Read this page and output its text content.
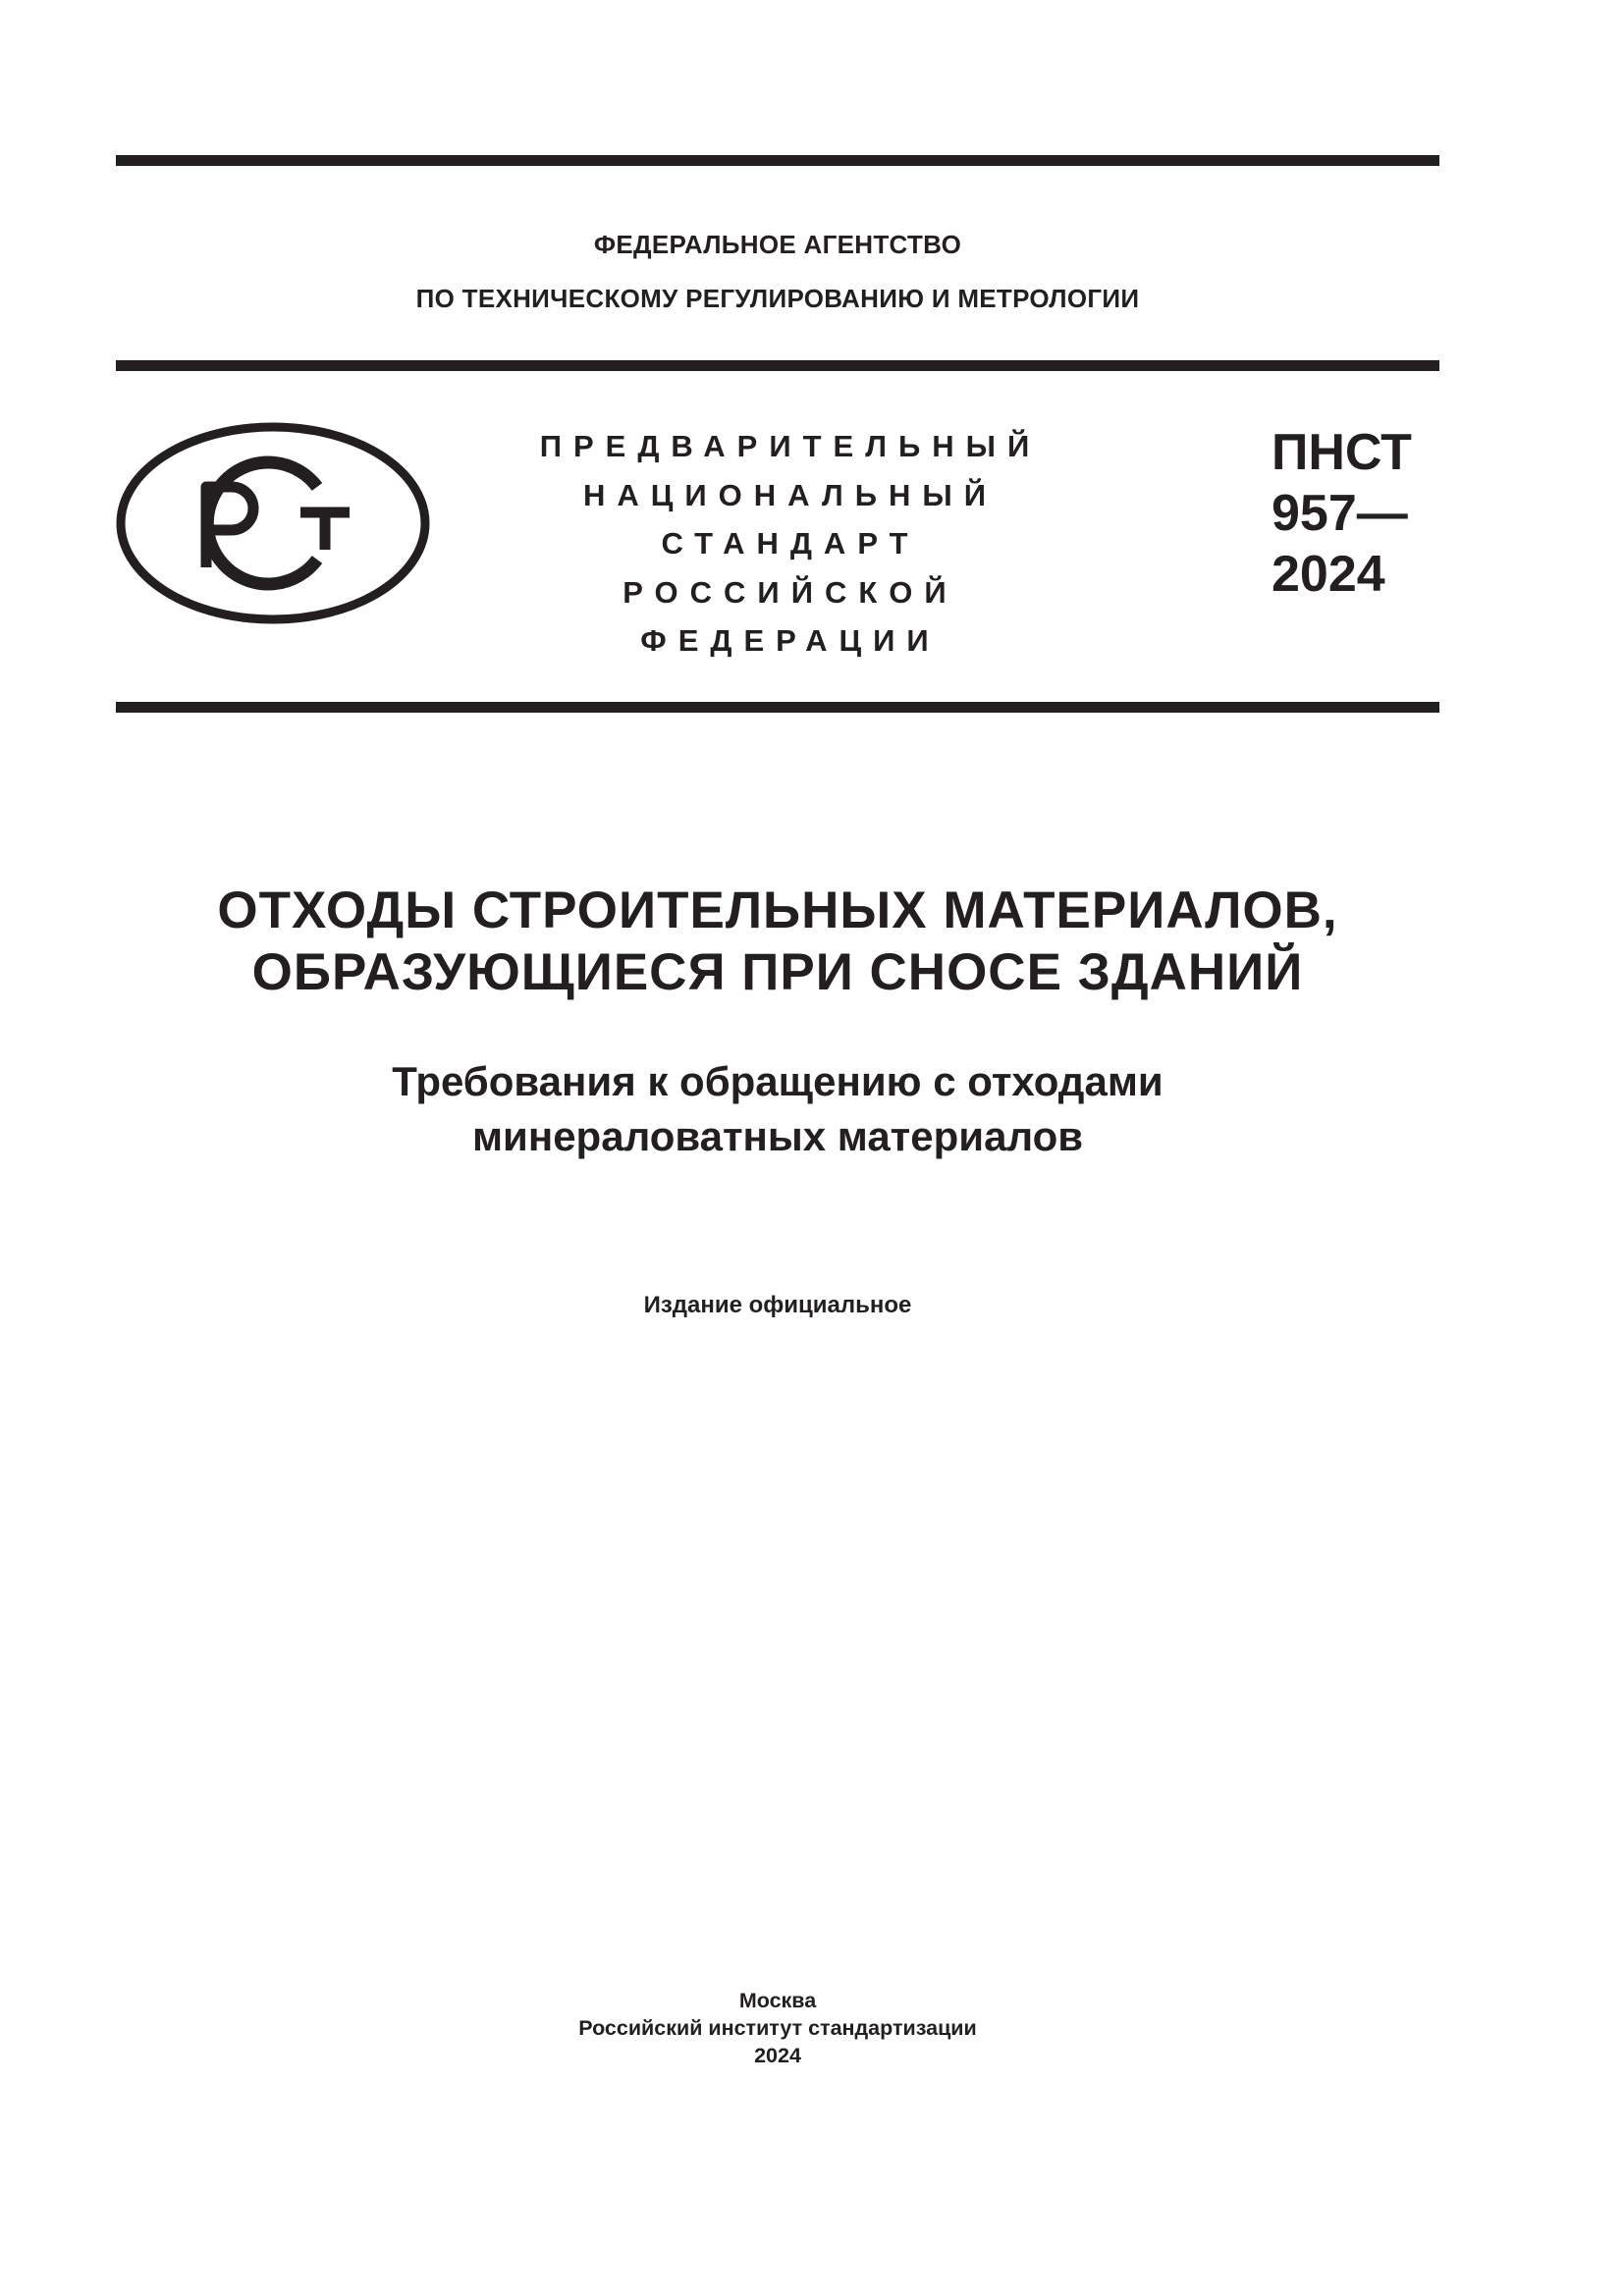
ФЕДЕРАЛЬНОЕ АГЕНТСТВО
ПО ТЕХНИЧЕСКОМУ РЕГУЛИРОВАНИЮ И МЕТРОЛОГИИ
ПРЕДВАРИТЕЛЬНЫЙ
НАЦИОНАЛЬНЫЙ
СТАНДАРТ
РОССИЙСКОЙ
ФЕДЕРАЦИИ
ПНСТ
957—
2024
ОТХОДЫ СТРОИТЕЛЬНЫХ МАТЕРИАЛОВ,
ОБРАЗУЮЩИЕСЯ ПРИ СНОСЕ ЗДАНИЙ
Требования к обращению с отходами
минераловатных материалов
Издание официальное
Москва
Российский институт стандартизации
2024
